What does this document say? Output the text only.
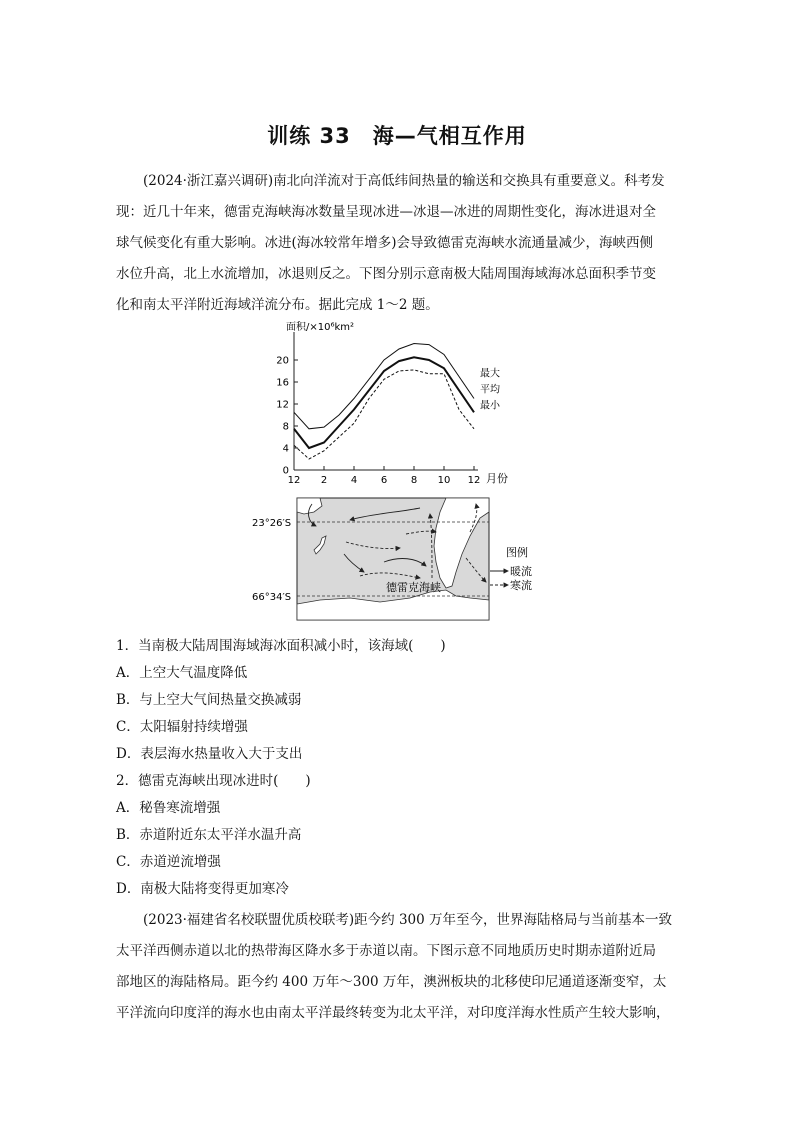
训练 33　海—气相互作用
(2024·浙江嘉兴调研)南北向洋流对于高低纬间热量的输送和交换具有重要意义。科考发
现：近几十年来，德雷克海峡海冰数量呈现冰进—冰退—冰进的周期性变化，海冰进退对全
球气候变化有重大影响。冰进(海冰较常年增多)会导致德雷克海峡水流通量减少，海峡西侧
水位升高，北上水流增加，冰退则反之。下图分别示意南极大陆周围海域海冰总面积季节变
化和南太平洋附近海域洋流分布。据此完成 1～2 题。
面积/×10⁶km²
0
4
8
12
16
20
12 2 4 6 8 10 12
最大
平均
最小
月份
23°26′S
66°34′S
德雷克海峡
图例
暖流
寒流
1．当南极大陆周围海域海冰面积减小时，该海域(　　)
A．上空大气温度降低
B．与上空大气间热量交换减弱
C．太阳辐射持续增强
D．表层海水热量收入大于支出
2．德雷克海峡出现冰进时(　　)
A．秘鲁寒流增强
B．赤道附近东太平洋水温升高
C．赤道逆流增强
D．南极大陆将变得更加寒冷
(2023·福建省名校联盟优质校联考)距今约 300 万年至今，世界海陆格局与当前基本一致
太平洋西侧赤道以北的热带海区降水多于赤道以南。下图示意不同地质历史时期赤道附近局
部地区的海陆格局。距今约 400 万年～300 万年，澳洲板块的北移使印尼通道逐渐变窄，太
平洋流向印度洋的海水也由南太平洋最终转变为北太平洋，对印度洋海水性质产生较大影响，
